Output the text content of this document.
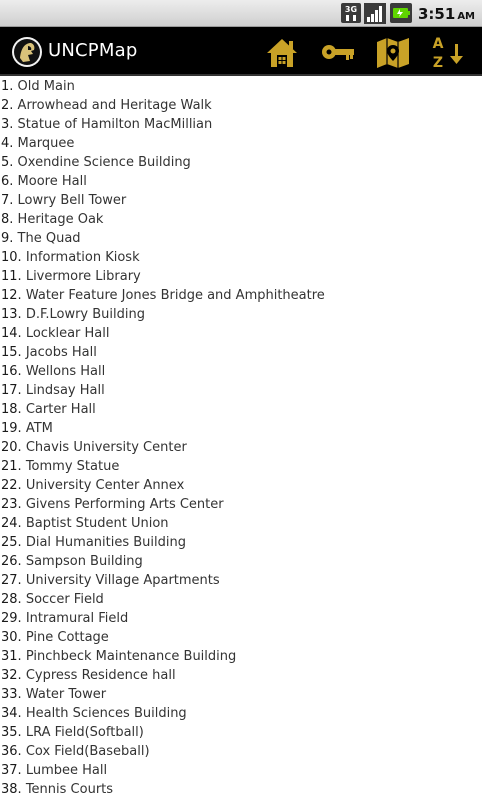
3G	3:51 AM
UNCPMap	A
Z
1. Old Main
2. Arrowhead and Heritage Walk
3. Statue of Hamilton MacMillian
4. Marquee
5. Oxendine Science Building
6. Moore Hall
7. Lowry Bell Tower
8. Heritage Oak
9. The Quad
10. Information Kiosk
11. Livermore Library
12. Water Feature Jones Bridge and Amphitheatre
13. D.F.Lowry Building
14. Locklear Hall
15. Jacobs Hall
16. Wellons Hall
17. Lindsay Hall
18. Carter Hall
19. ATM
20. Chavis University Center
21. Tommy Statue
22. University Center Annex
23. Givens Performing Arts Center
24. Baptist Student Union
25. Dial Humanities Building
26. Sampson Building
27. University Village Apartments
28. Soccer Field
29. Intramural Field
30. Pine Cottage
31. Pinchbeck Maintenance Building
32. Cypress Residence hall
33. Water Tower
34. Health Sciences Building
35. LRA Field(Softball)
36. Cox Field(Baseball)
37. Lumbee Hall
38. Tennis Courts
